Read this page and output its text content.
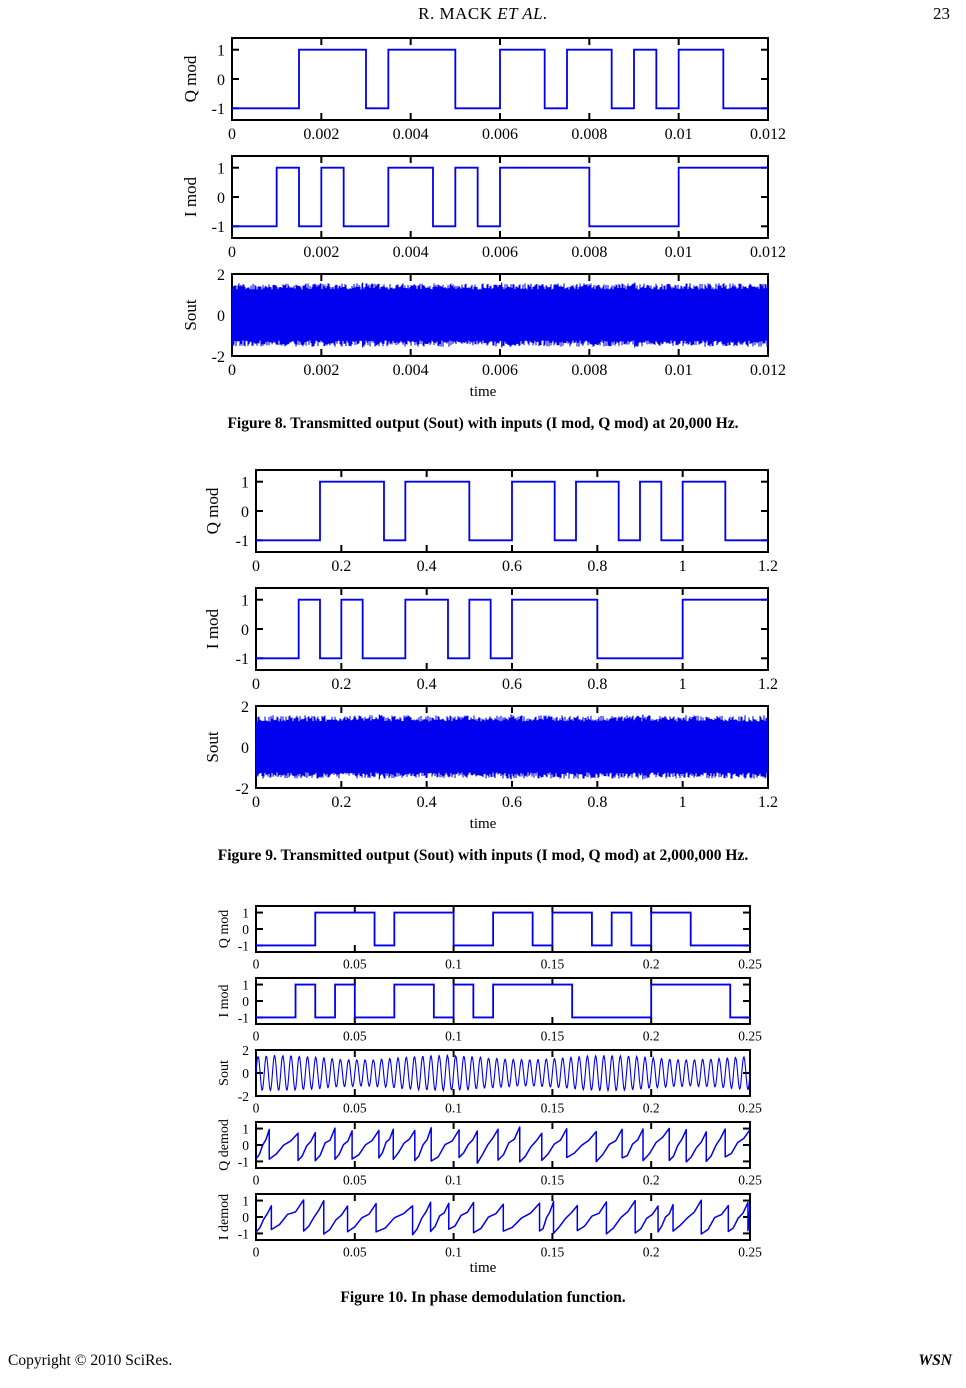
R. MACK ET AL.	23
1
0
-1
0	0.002	0.004	0.006	0.008	0.01	0.012
Q mod
1
0
-1
0	0.002	0.004	0.006	0.008	0.01	0.012
I mod
2
0
-2
0	0.002	0.004	0.006	0.008	0.01	0.012
Sout
time
Figure 8. Transmitted output (Sout) with inputs (I mod, Q mod) at 20,000 Hz.
1
0
-1
0	0.2	0.4	0.6	0.8	1	1.2
Q mod
1
0
-1
0	0.2	0.4	0.6	0.8	1	1.2
I mod
2
0
-2
0	0.2	0.4	0.6	0.8	1	1.2
Sout
time
Figure 9. Transmitted output (Sout) with inputs (I mod, Q mod) at 2,000,000 Hz.
1
0
-1
0	0.05	0.1	0.15	0.2	0.25
Q mod
1
0
-1
0	0.05	0.1	0.15	0.2	0.25
I mod
2
0
-2
0	0.05	0.1	0.15	0.2	0.25
Sout
1
0
-1
0	0.05	0.1	0.15	0.2	0.25
Q demod
1
0
-1
0	0.05	0.1	0.15	0.2	0.25
I demod
time
Figure 10. In phase demodulation function.
Copyright © 2010 SciRes.	WSN
